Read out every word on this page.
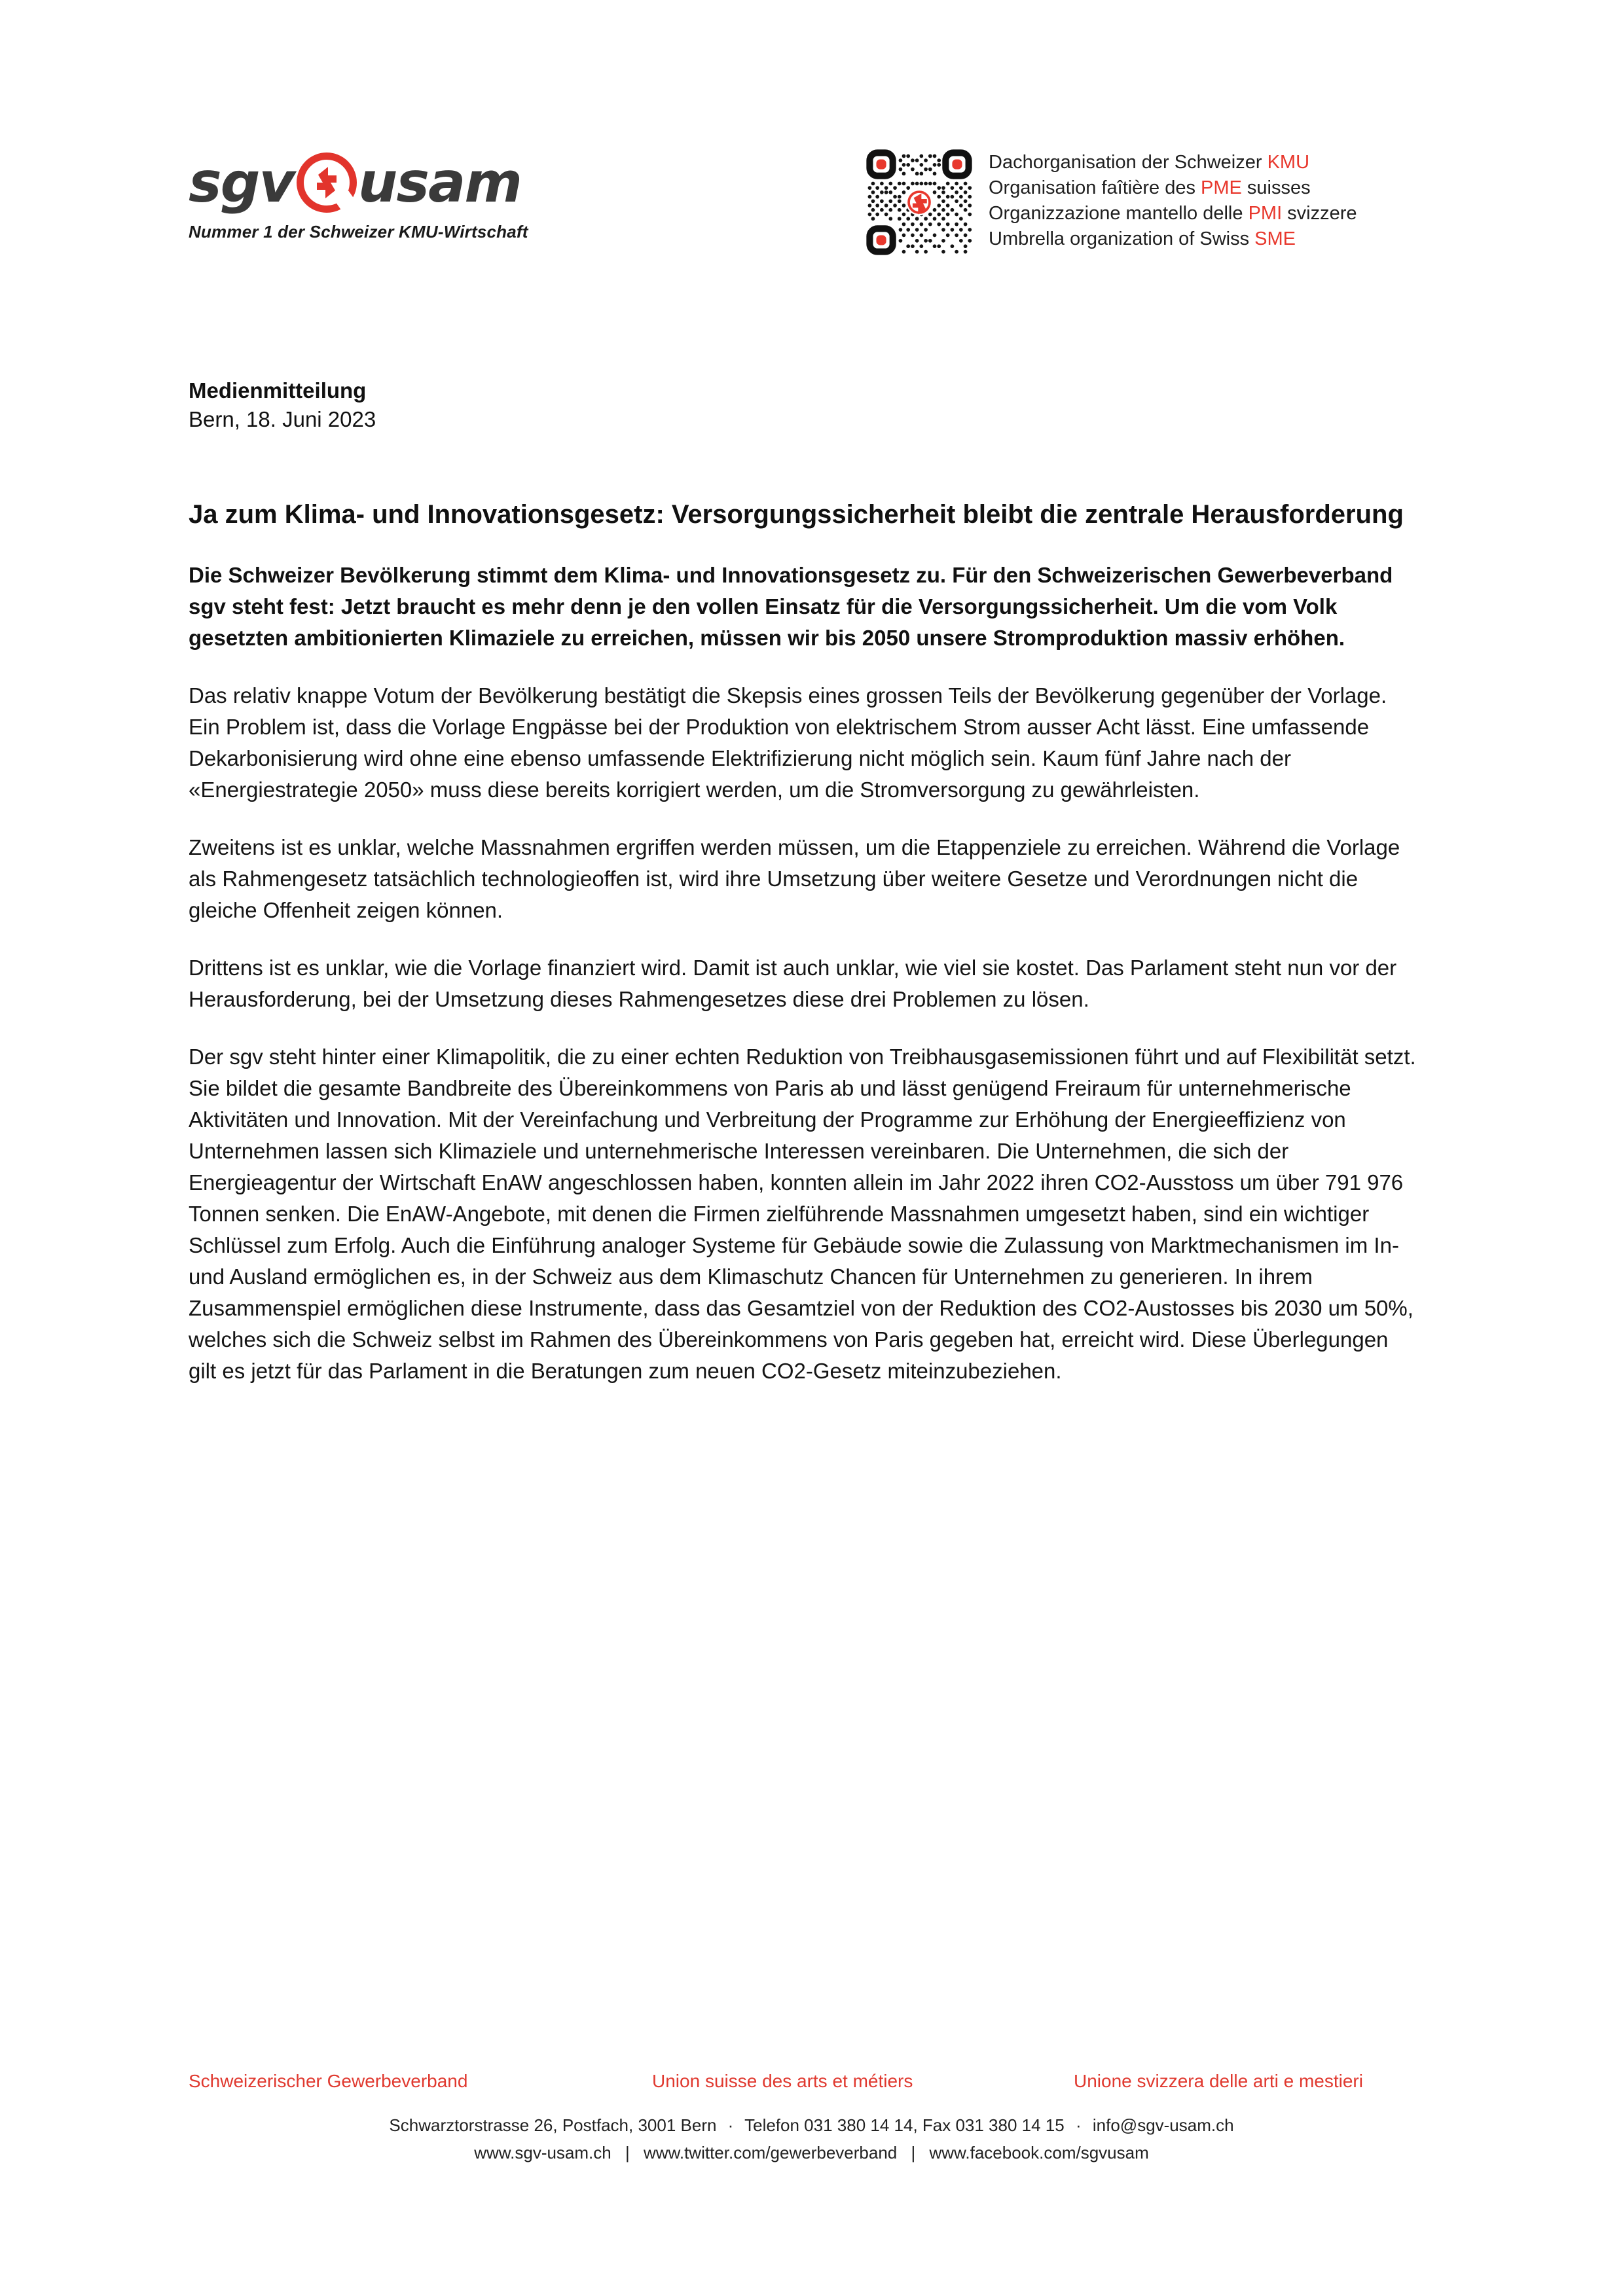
sgv usam
Nummer 1 der Schweizer KMU-Wirtschaft
Dachorganisation der Schweizer KMU
Organisation faîtière des PME suisses
Organizzazione mantello delle PMI svizzere
Umbrella organization of Swiss SME
Medienmitteilung
Bern, 18. Juni 2023
Ja zum Klima- und Innovationsgesetz: Versorgungssicherheit bleibt die zentrale Herausforderung

Die Schweizer Bevölkerung stimmt dem Klima- und Innovationsgesetz zu. Für den Schweizerischen Gewerbeverband sgv steht fest: Jetzt braucht es mehr denn je den vollen Einsatz für die Versorgungssicherheit. Um die vom Volk gesetzten ambitionierten Klimaziele zu erreichen, müssen wir bis 2050 unsere Stromproduktion massiv erhöhen.

Das relativ knappe Votum der Bevölkerung bestätigt die Skepsis eines grossen Teils der Bevölkerung gegenüber der Vorlage. Ein Problem ist, dass die Vorlage Engpässe bei der Produktion von elektrischem Strom ausser Acht lässt. Eine umfassende Dekarbonisierung wird ohne eine ebenso umfassende Elektrifizierung nicht möglich sein. Kaum fünf Jahre nach der «Energiestrategie 2050» muss diese bereits korrigiert werden, um die Stromversorgung zu gewährleisten.

Zweitens ist es unklar, welche Massnahmen ergriffen werden müssen, um die Etappenziele zu erreichen. Während die Vorlage als Rahmengesetz tatsächlich technologieoffen ist, wird ihre Umsetzung über weitere Gesetze und Verordnungen nicht die gleiche Offenheit zeigen können.

Drittens ist es unklar, wie die Vorlage finanziert wird. Damit ist auch unklar, wie viel sie kostet. Das Parlament steht nun vor der Herausforderung, bei der Umsetzung dieses Rahmengesetzes diese drei Problemen zu lösen.

Der sgv steht hinter einer Klimapolitik, die zu einer echten Reduktion von Treibhausgasemissionen führt und auf Flexibilität setzt. Sie bildet die gesamte Bandbreite des Übereinkommens von Paris ab und lässt genügend Freiraum für unternehmerische Aktivitäten und Innovation. Mit der Vereinfachung und Verbreitung der Programme zur Erhöhung der Energieeffizienz von Unternehmen lassen sich Klimaziele und unternehmerische Interessen vereinbaren. Die Unternehmen, die sich der Energieagentur der Wirtschaft EnAW angeschlossen haben, konnten allein im Jahr 2022 ihren CO2-Ausstoss um über 791 976 Tonnen senken. Die EnAW-Angebote, mit denen die Firmen zielführende Massnahmen umgesetzt haben, sind ein wichtiger Schlüssel zum Erfolg. Auch die Einführung analoger Systeme für Gebäude sowie die Zulassung von Marktmechanismen im In- und Ausland ermöglichen es, in der Schweiz aus dem Klimaschutz Chancen für Unternehmen zu generieren. In ihrem Zusammenspiel ermöglichen diese Instrumente, dass das Gesamtziel von der Reduktion des CO2-Austosses bis 2030 um 50%, welches sich die Schweiz selbst im Rahmen des Übereinkommens von Paris gegeben hat, erreicht wird. Diese Überlegungen gilt es jetzt für das Parlament in die Beratungen zum neuen CO2-Gesetz miteinzubeziehen.

Schweizerischer Gewerbeverband	Union suisse des arts et métiers	Unione svizzera delle arti e mestieri
Schwarztorstrasse 26, Postfach, 3001 Bern · Telefon 031 380 14 14, Fax 031 380 14 15 · info@sgv-usam.ch
www.sgv-usam.ch | www.twitter.com/gewerbeverband | www.facebook.com/sgvusam
